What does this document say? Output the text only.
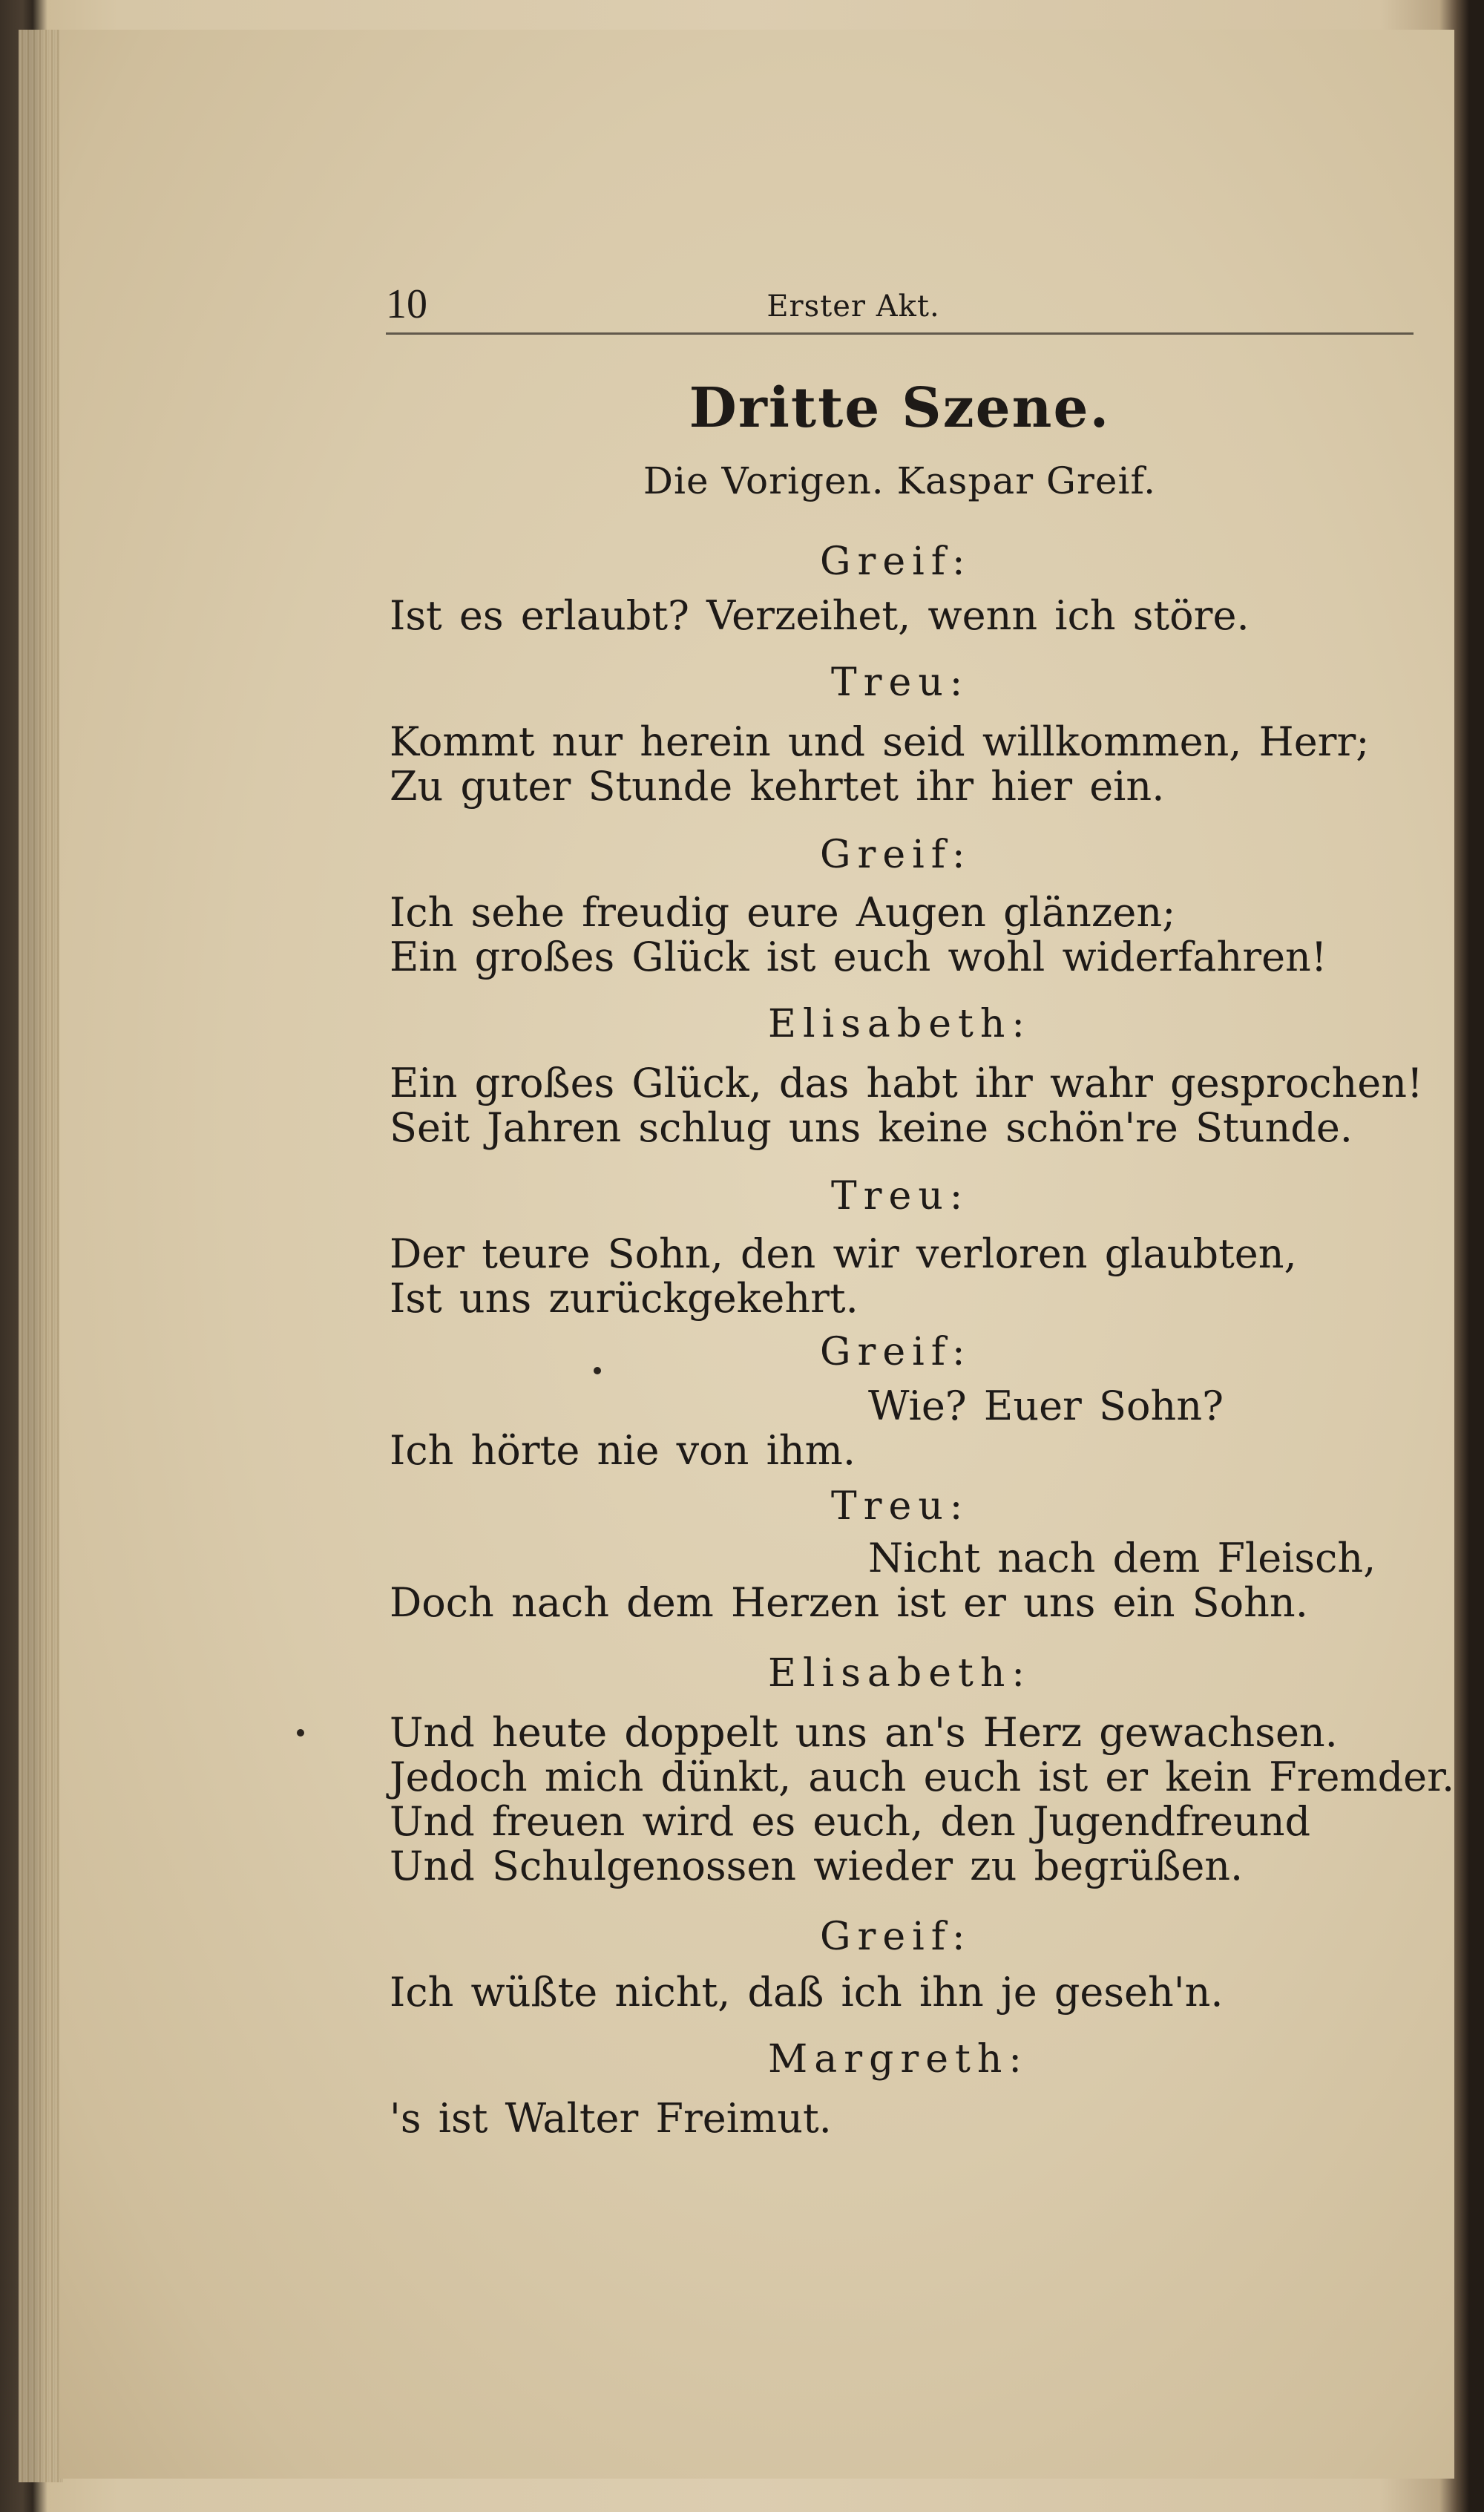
10	Erster Akt.
Dritte Szene.
Die Vorigen. Kaspar Greif.
Greif:
Ist es erlaubt? Verzeihet, wenn ich störe.
Treu:
Kommt nur herein und seid willkommen, Herr;
Zu guter Stunde kehrtet ihr hier ein.
Greif:
Ich sehe freudig eure Augen glänzen;
Ein großes Glück ist euch wohl widerfahren!
Elisabeth:
Ein großes Glück, das habt ihr wahr gesprochen!
Seit Jahren schlug uns keine schön're Stunde.
Treu:
Der teure Sohn, den wir verloren glaubten,
Ist uns zurückgekehrt.
Greif:
Wie? Euer Sohn?
Ich hörte nie von ihm.
Treu:
Nicht nach dem Fleisch,
Doch nach dem Herzen ist er uns ein Sohn.
Elisabeth:
Und heute doppelt uns an's Herz gewachsen.
Jedoch mich dünkt, auch euch ist er kein Fremder.
Und freuen wird es euch, den Jugendfreund
Und Schulgenossen wieder zu begrüßen.
Greif:
Ich wüßte nicht, daß ich ihn je geseh'n.
Margreth:
's ist Walter Freimut.
